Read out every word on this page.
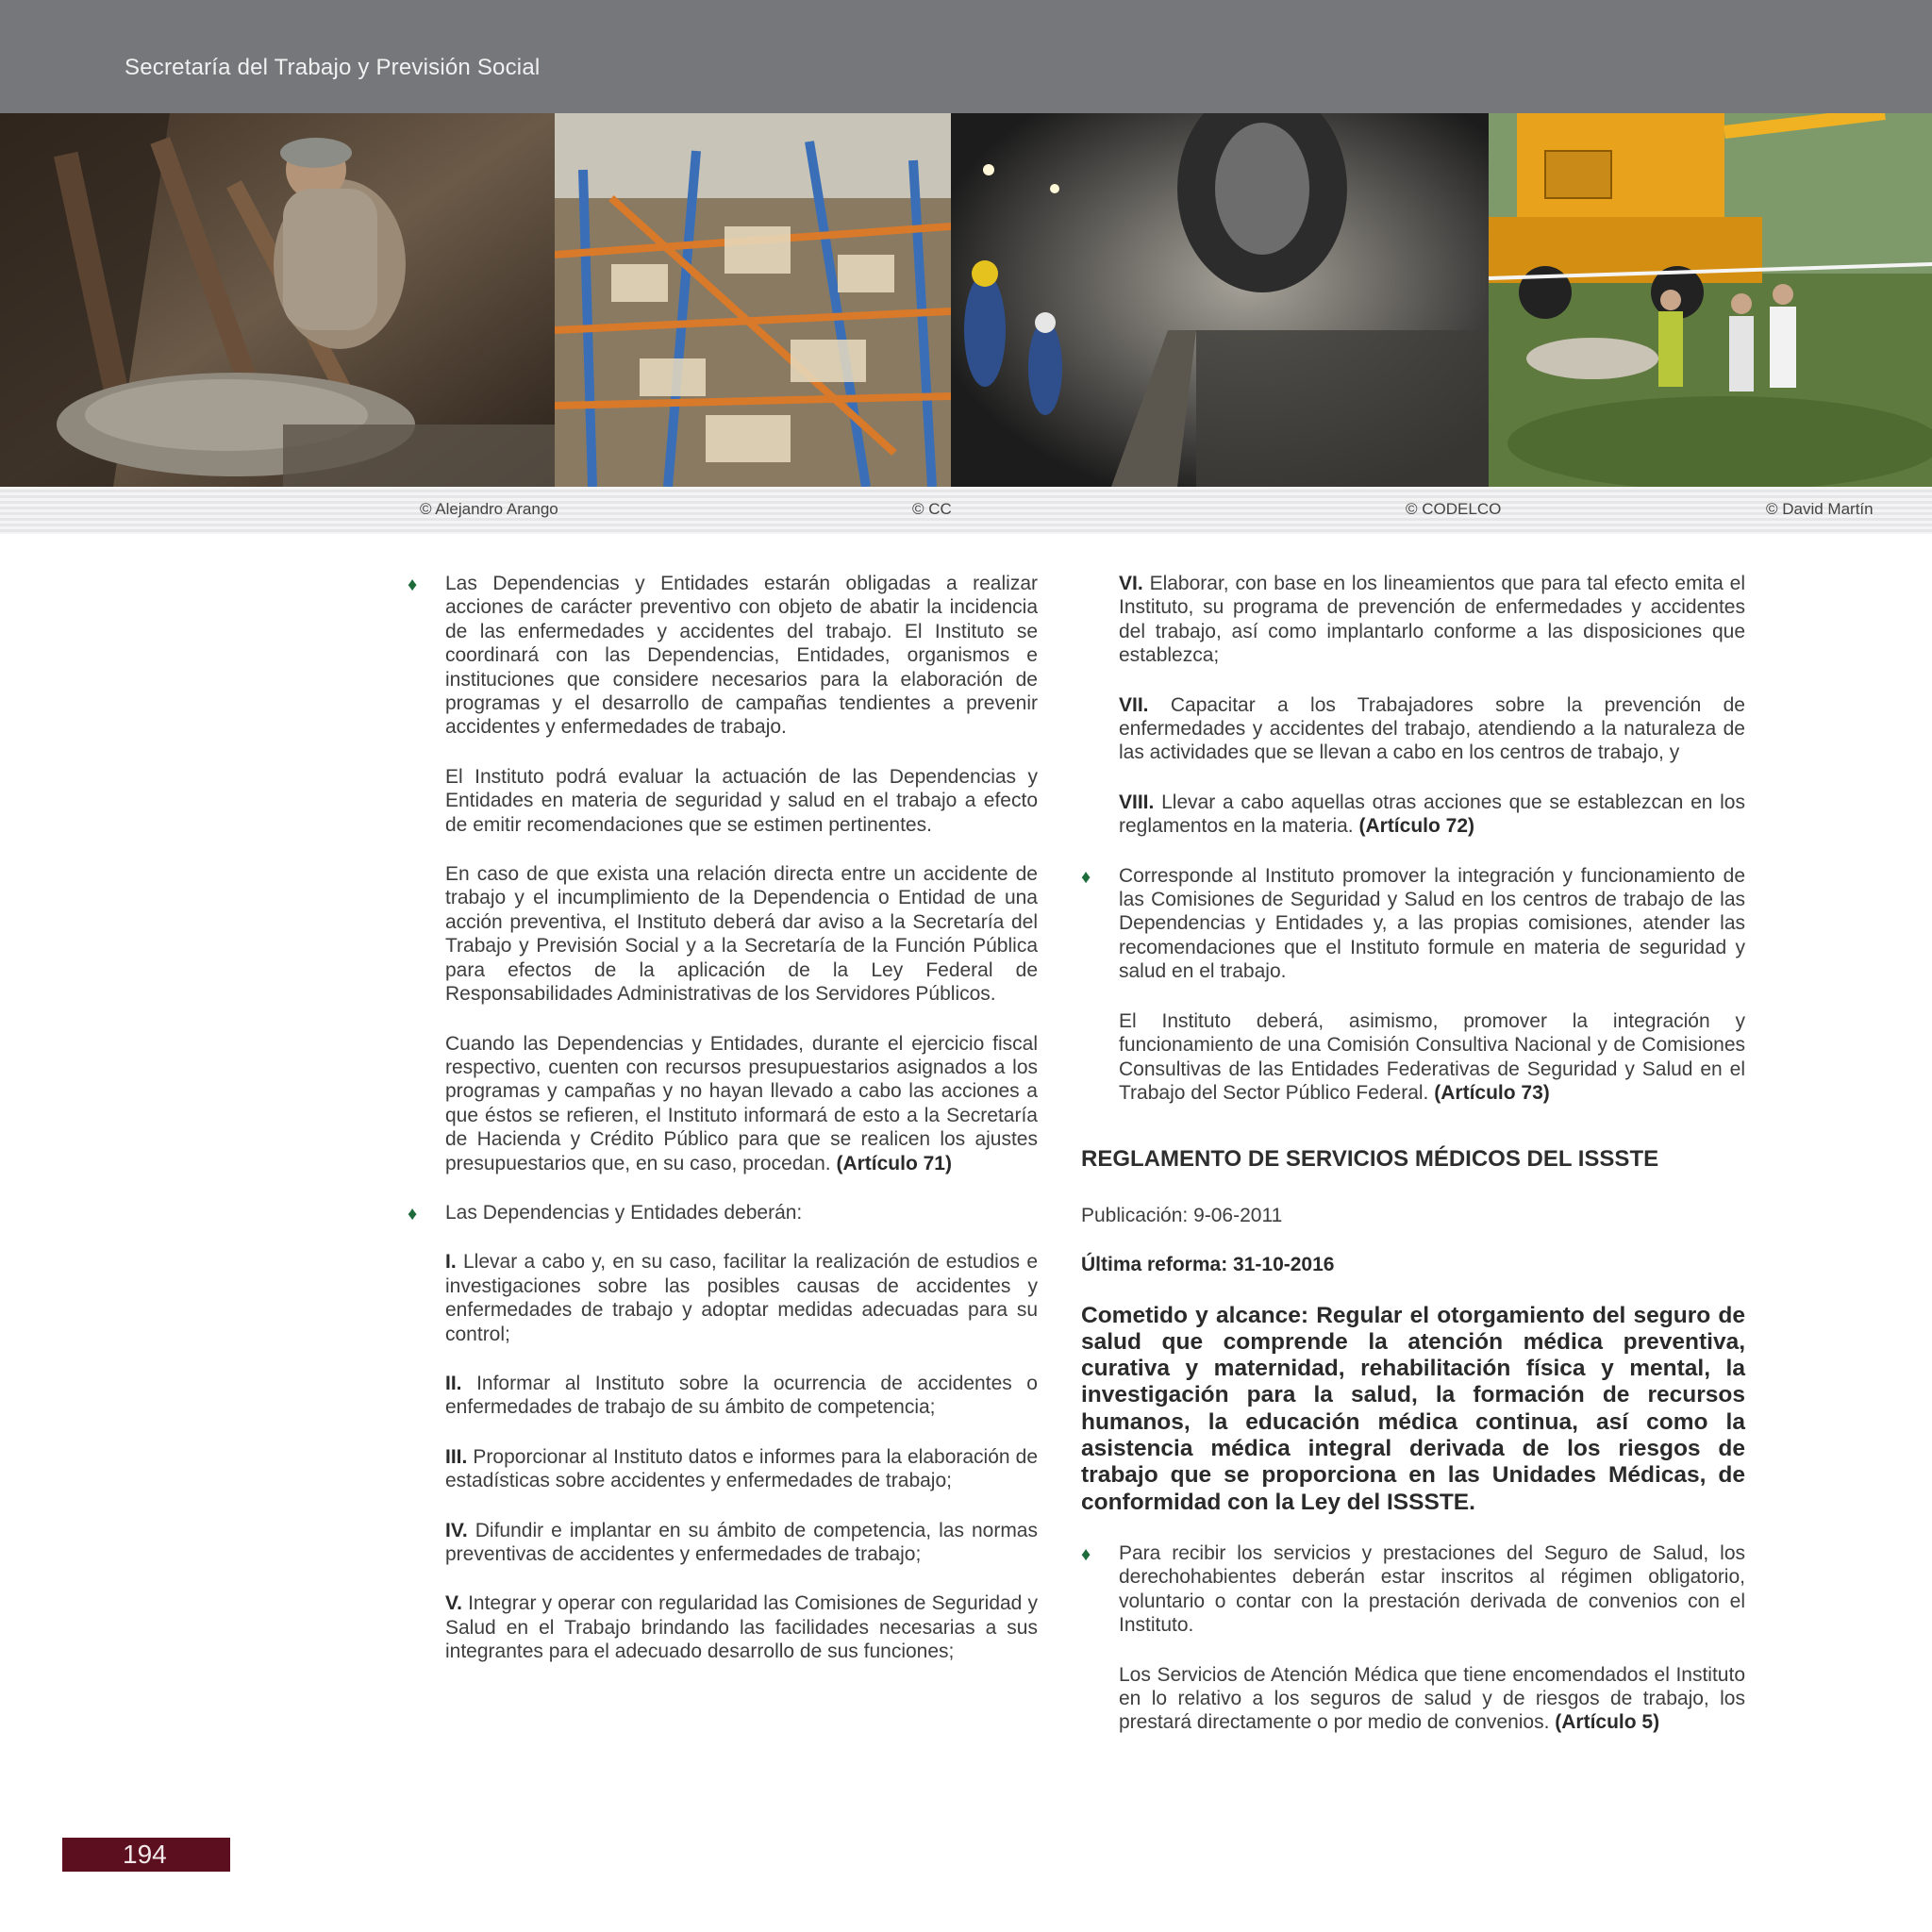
Secretaría del Trabajo y Previsión Social
© Alejandro Arango	© CC	© CODELCO	© David Martín

♦ Las Dependencias y Entidades estarán obligadas a realizar acciones de carácter preventivo con objeto de abatir la incidencia de las enfermedades y accidentes del trabajo. El Instituto se coordinará con las Dependencias, Entidades, organismos e instituciones que considere necesarios para la elaboración de programas y el desarrollo de campañas tendientes a prevenir accidentes y enfermedades de trabajo.

El Instituto podrá evaluar la actuación de las Dependencias y Entidades en materia de seguridad y salud en el trabajo a efecto de emitir recomendaciones que se estimen pertinentes.

En caso de que exista una relación directa entre un accidente de trabajo y el incumplimiento de la Dependencia o Entidad de una acción preventiva, el Instituto deberá dar aviso a la Secretaría del Trabajo y Previsión Social y a la Secretaría de la Función Pública para efectos de la aplicación de la Ley Federal de Responsabilidades Administrativas de los Servidores Públicos.

Cuando las Dependencias y Entidades, durante el ejercicio fiscal respectivo, cuenten con recursos presupuestarios asignados a los programas y campañas y no hayan llevado a cabo las acciones a que éstos se refieren, el Instituto informará de esto a la Secretaría de Hacienda y Crédito Público para que se realicen los ajustes presupuestarios que, en su caso, procedan. (Artículo 71)

♦ Las Dependencias y Entidades deberán:

I. Llevar a cabo y, en su caso, facilitar la realización de estudios e investigaciones sobre las posibles causas de accidentes y enfermedades de trabajo y adoptar medidas adecuadas para su control;

II. Informar al Instituto sobre la ocurrencia de accidentes o enfermedades de trabajo de su ámbito de competencia;

III. Proporcionar al Instituto datos e informes para la elaboración de estadísticas sobre accidentes y enfermedades de trabajo;

IV. Difundir e implantar en su ámbito de competencia, las normas preventivas de accidentes y enfermedades de trabajo;

V. Integrar y operar con regularidad las Comisiones de Seguridad y Salud en el Trabajo brindando las facilidades necesarias a sus integrantes para el adecuado desarrollo de sus funciones;

VI. Elaborar, con base en los lineamientos que para tal efecto emita el Instituto, su programa de prevención de enfermedades y accidentes del trabajo, así como implantarlo conforme a las disposiciones que establezca;

VII. Capacitar a los Trabajadores sobre la prevención de enfermedades y accidentes del trabajo, atendiendo a la naturaleza de las actividades que se llevan a cabo en los centros de trabajo, y

VIII. Llevar a cabo aquellas otras acciones que se establezcan en los reglamentos en la materia. (Artículo 72)

♦ Corresponde al Instituto promover la integración y funcionamiento de las Comisiones de Seguridad y Salud en los centros de trabajo de las Dependencias y Entidades y, a las propias comisiones, atender las recomendaciones que el Instituto formule en materia de seguridad y salud en el trabajo.

El Instituto deberá, asimismo, promover la integración y funcionamiento de una Comisión Consultiva Nacional y de Comisiones Consultivas de las Entidades Federativas de Seguridad y Salud en el Trabajo del Sector Público Federal. (Artículo 73)

REGLAMENTO DE SERVICIOS MÉDICOS DEL ISSSTE

Publicación: 9-06-2011

Última reforma: 31-10-2016

Cometido y alcance: Regular el otorgamiento del seguro de salud que comprende la atención médica preventiva, curativa y maternidad, rehabilitación física y mental, la investigación para la salud, la formación de recursos humanos, la educación médica continua, así como la asistencia médica integral derivada de los riesgos de trabajo que se proporciona en las Unidades Médicas, de conformidad con la Ley del ISSSTE.

♦ Para recibir los servicios y prestaciones del Seguro de Salud, los derechohabientes deberán estar inscritos al régimen obligatorio, voluntario o contar con la prestación derivada de convenios con el Instituto.

Los Servicios de Atención Médica que tiene encomendados el Instituto en lo relativo a los seguros de salud y de riesgos de trabajo, los prestará directamente o por medio de convenios. (Artículo 5)

194
